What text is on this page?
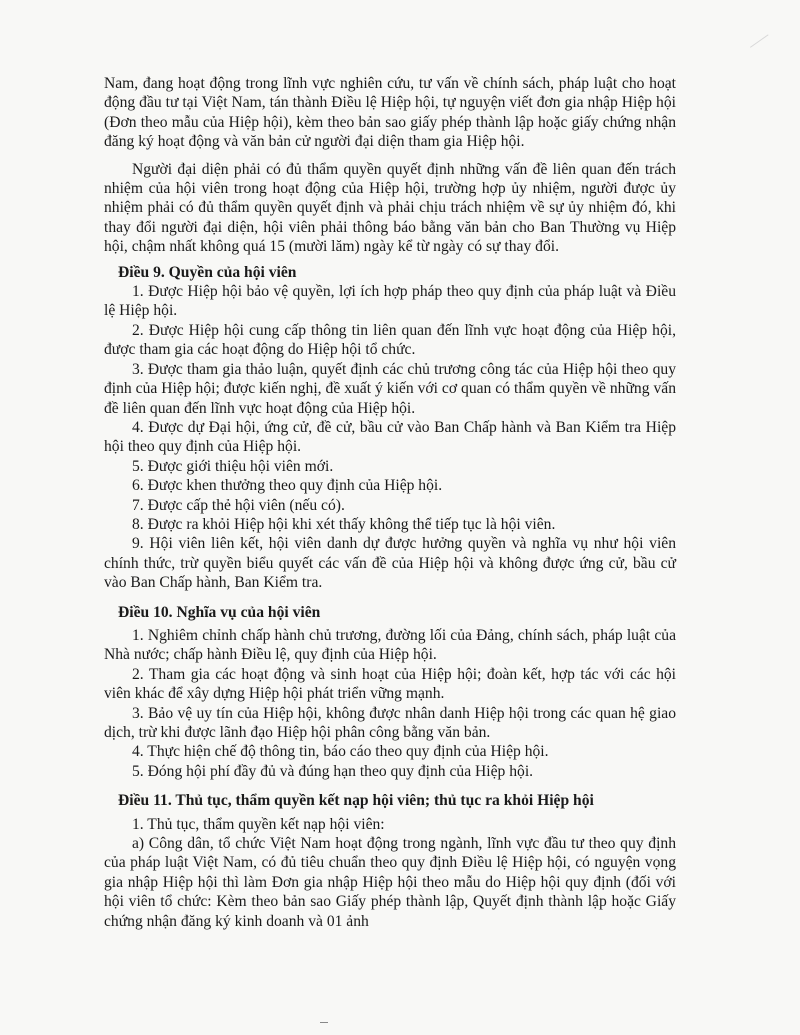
Nam, đang hoạt động trong lĩnh vực nghiên cứu, tư vấn về chính sách, pháp luật cho hoạt động đầu tư tại Việt Nam, tán thành Điều lệ Hiệp hội, tự nguyện viết đơn gia nhập Hiệp hội (Đơn theo mẫu của Hiệp hội), kèm theo bản sao giấy phép thành lập hoặc giấy chứng nhận đăng ký hoạt động và văn bản cử người đại diện tham gia Hiệp hội.

Người đại diện phải có đủ thẩm quyền quyết định những vấn đề liên quan đến trách nhiệm của hội viên trong hoạt động của Hiệp hội, trường hợp ủy nhiệm, người được ủy nhiệm phải có đủ thẩm quyền quyết định và phải chịu trách nhiệm về sự ủy nhiệm đó, khi thay đổi người đại diện, hội viên phải thông báo bằng văn bản cho Ban Thường vụ Hiệp hội, chậm nhất không quá 15 (mười lăm) ngày kể từ ngày có sự thay đổi.

Điều 9. Quyền của hội viên

1. Được Hiệp hội bảo vệ quyền, lợi ích hợp pháp theo quy định của pháp luật và Điều lệ Hiệp hội.

2. Được Hiệp hội cung cấp thông tin liên quan đến lĩnh vực hoạt động của Hiệp hội, được tham gia các hoạt động do Hiệp hội tổ chức.

3. Được tham gia thảo luận, quyết định các chủ trương công tác của Hiệp hội theo quy định của Hiệp hội; được kiến nghị, đề xuất ý kiến với cơ quan có thẩm quyền về những vấn đề liên quan đến lĩnh vực hoạt động của Hiệp hội.

4. Được dự Đại hội, ứng cử, đề cử, bầu cử vào Ban Chấp hành và Ban Kiểm tra Hiệp hội theo quy định của Hiệp hội.

5. Được giới thiệu hội viên mới.

6. Được khen thưởng theo quy định của Hiệp hội.

7. Được cấp thẻ hội viên (nếu có).

8. Được ra khỏi Hiệp hội khi xét thấy không thể tiếp tục là hội viên.

9. Hội viên liên kết, hội viên danh dự được hưởng quyền và nghĩa vụ như hội viên chính thức, trừ quyền biểu quyết các vấn đề của Hiệp hội và không được ứng cử, bầu cử vào Ban Chấp hành, Ban Kiểm tra.

Điều 10. Nghĩa vụ của hội viên

1. Nghiêm chỉnh chấp hành chủ trương, đường lối của Đảng, chính sách, pháp luật của Nhà nước; chấp hành Điều lệ, quy định của Hiệp hội.

2. Tham gia các hoạt động và sinh hoạt của Hiệp hội; đoàn kết, hợp tác với các hội viên khác để xây dựng Hiệp hội phát triển vững mạnh.

3. Bảo vệ uy tín của Hiệp hội, không được nhân danh Hiệp hội trong các quan hệ giao dịch, trừ khi được lãnh đạo Hiệp hội phân công bằng văn bản.

4. Thực hiện chế độ thông tin, báo cáo theo quy định của Hiệp hội.

5. Đóng hội phí đầy đủ và đúng hạn theo quy định của Hiệp hội.

Điều 11. Thủ tục, thẩm quyền kết nạp hội viên; thủ tục ra khỏi Hiệp hội

1. Thủ tục, thẩm quyền kết nạp hội viên:

a) Công dân, tổ chức Việt Nam hoạt động trong ngành, lĩnh vực đầu tư theo quy định của pháp luật Việt Nam, có đủ tiêu chuẩn theo quy định Điều lệ Hiệp hội, có nguyện vọng gia nhập Hiệp hội thì làm Đơn gia nhập Hiệp hội theo mẫu do Hiệp hội quy định (đối với hội viên tổ chức: Kèm theo bản sao Giấy phép thành lập, Quyết định thành lập hoặc Giấy chứng nhận đăng ký kinh doanh và 01 ảnh
